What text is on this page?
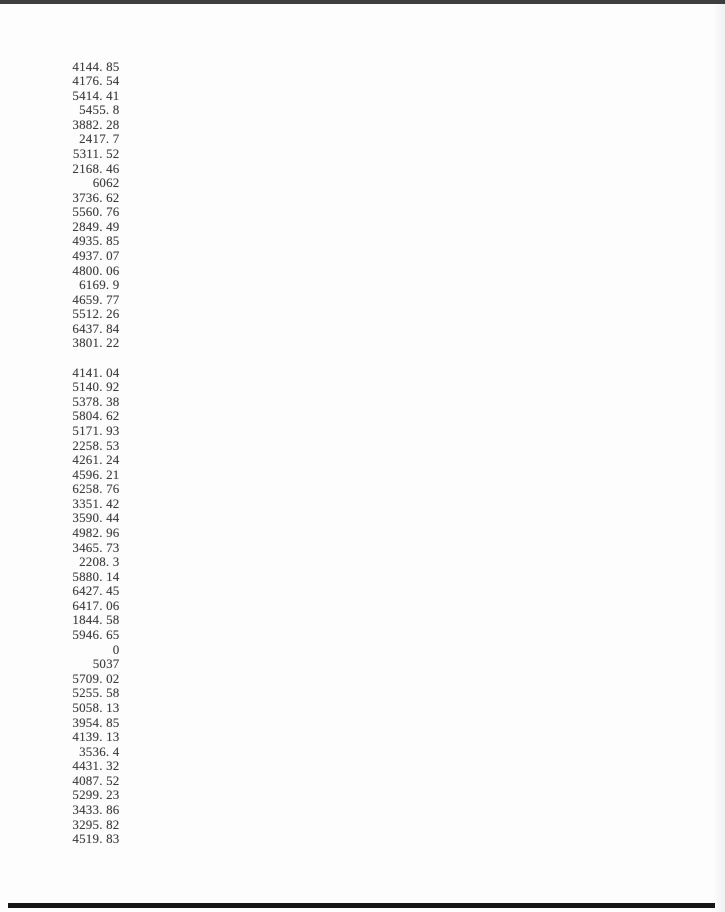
4144. 85
4176. 54
5414. 41
5455. 8
3882. 28
2417. 7
5311. 52
2168. 46
6062
3736. 62
5560. 76
2849. 49
4935. 85
4937. 07
4800. 06
6169. 9
4659. 77
5512. 26
6437. 84
3801. 22
4141. 04
5140. 92
5378. 38
5804. 62
5171. 93
2258. 53
4261. 24
4596. 21
6258. 76
3351. 42
3590. 44
4982. 96
3465. 73
2208. 3
5880. 14
6427. 45
6417. 06
1844. 58
5946. 65
0
5037
5709. 02
5255. 58
5058. 13
3954. 85
4139. 13
3536. 4
4431. 32
4087. 52
5299. 23
3433. 86
3295. 82
4519. 83
